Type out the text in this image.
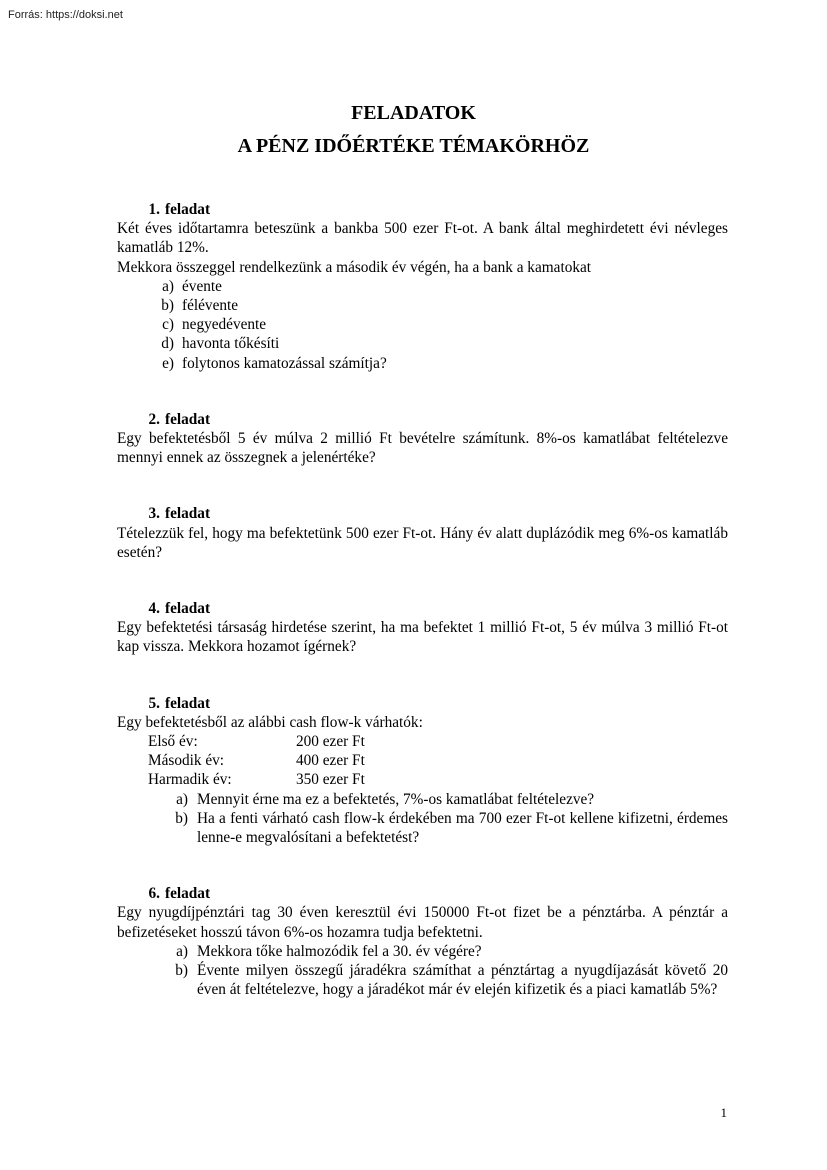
Forrás: https://doksi.net
FELADATOK
A PÉNZ IDŐÉRTÉKE TÉMAKÖRHÖZ
1. feladat

Két éves időtartamra beteszünk a bankba 500 ezer Ft-ot. A bank által meghirdetett évi névleges kamatláb 12%.

Mekkora összeggel rendelkezünk a második év végén, ha a bank a kamatokat

a) évente
b) félévente
c) negyedévente
d) havonta tőkésíti
e) folytonos kamatozással számítja?
2. feladat

Egy befektetésből 5 év múlva 2 millió Ft bevételre számítunk. 8%-os kamatlábat feltételezve mennyi ennek az összegnek a jelenértéke?

3. feladat

Tételezzük fel, hogy ma befektetünk 500 ezer Ft-ot. Hány év alatt duplázódik meg 6%-os kamatláb esetén?

4. feladat

Egy befektetési társaság hirdetése szerint, ha ma befektet 1 millió Ft-ot, 5 év múlva 3 millió Ft-ot kap vissza. Mekkora hozamot ígérnek?

5. feladat

Egy befektetésből az alábbi cash flow-k várhatók:

Első év:	200 ezer Ft
Második év:	400 ezer Ft
Harmadik év:	350 ezer Ft
a) Mennyit érne ma ez a befektetés, 7%-os kamatlábat feltételezve?
b) Ha a fenti várható cash flow-k érdekében ma 700 ezer Ft-ot kellene kifizetni, érdemes lenne-e megvalósítani a befektetést?
6. feladat

Egy nyugdíjpénztári tag 30 éven keresztül évi 150000 Ft-ot fizet be a pénztárba. A pénztár a befizetéseket hosszú távon 6%-os hozamra tudja befektetni.

a) Mekkora tőke halmozódik fel a 30. év végére?
b) Évente milyen összegű járadékra számíthat a pénztártag a nyugdíjazását követő 20 éven át feltételezve, hogy a járadékot már év elején kifizetik és a piaci kamatláb 5%?
1
